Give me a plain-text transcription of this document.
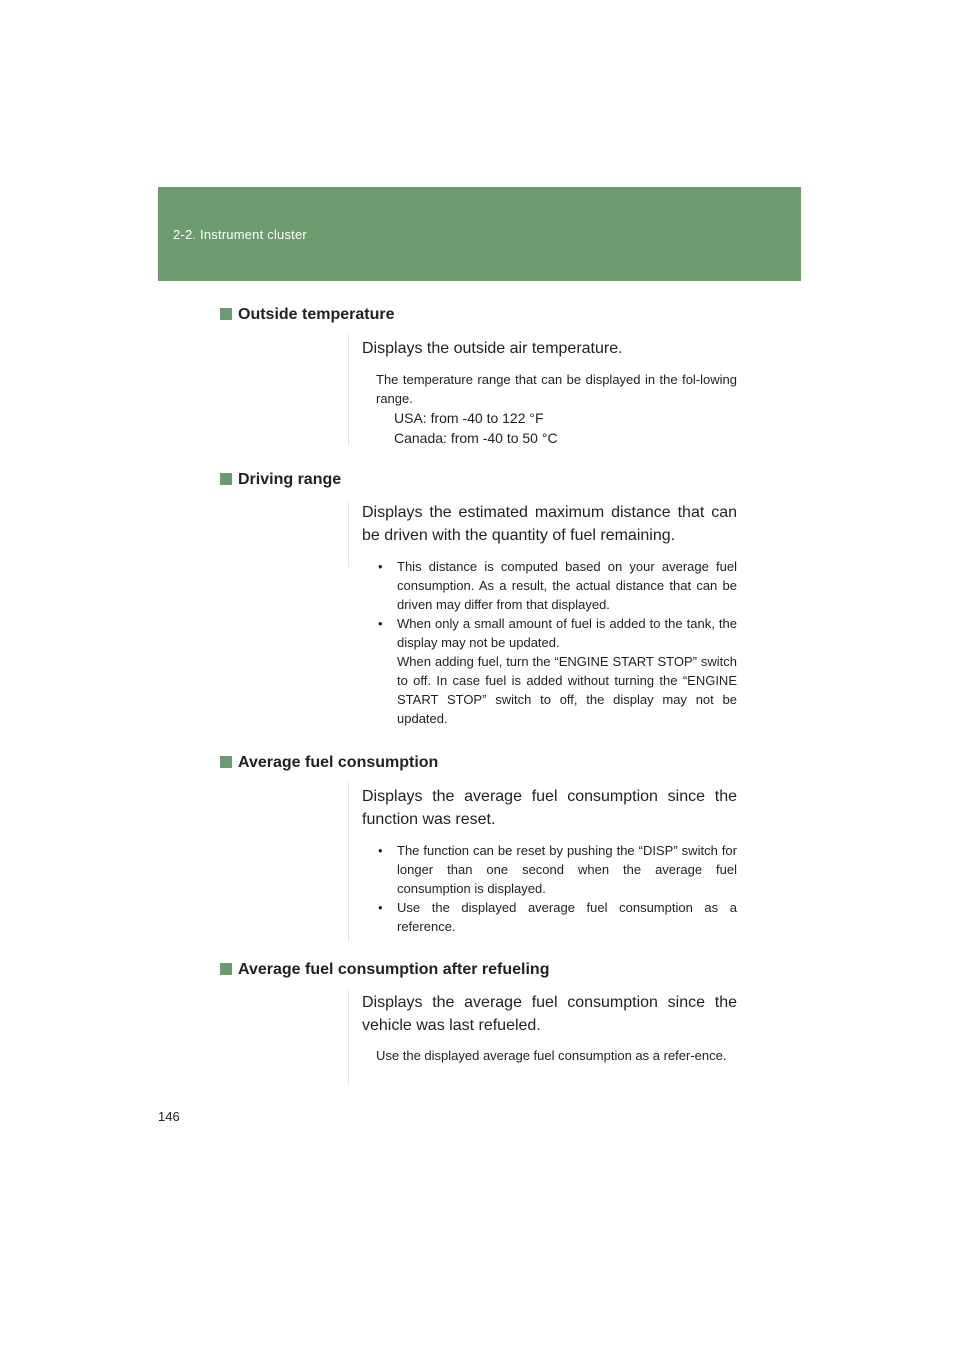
2-2. Instrument cluster
Outside temperature
Displays the outside air temperature.
The temperature range that can be displayed in the fol-lowing range.
USA: from -40 to 122 °F
Canada: from -40 to 50 °C
Driving range
Displays the estimated maximum distance that can be driven with the quantity of fuel remaining.
• This distance is computed based on your average fuel consumption. As a result, the actual distance that can be driven may differ from that displayed.
• When only a small amount of fuel is added to the tank, the display may not be updated.
When adding fuel, turn the “ENGINE START STOP” switch to off. In case fuel is added without turning the “ENGINE START STOP” switch to off, the display may not be updated.
Average fuel consumption
Displays the average fuel consumption since the function was reset.
• The function can be reset by pushing the “DISP” switch for longer than one second when the average fuel consumption is displayed.
• Use the displayed average fuel consumption as a reference.
Average fuel consumption after refueling
Displays the average fuel consumption since the vehicle was last refueled.
Use the displayed average fuel consumption as a refer-ence.
146
